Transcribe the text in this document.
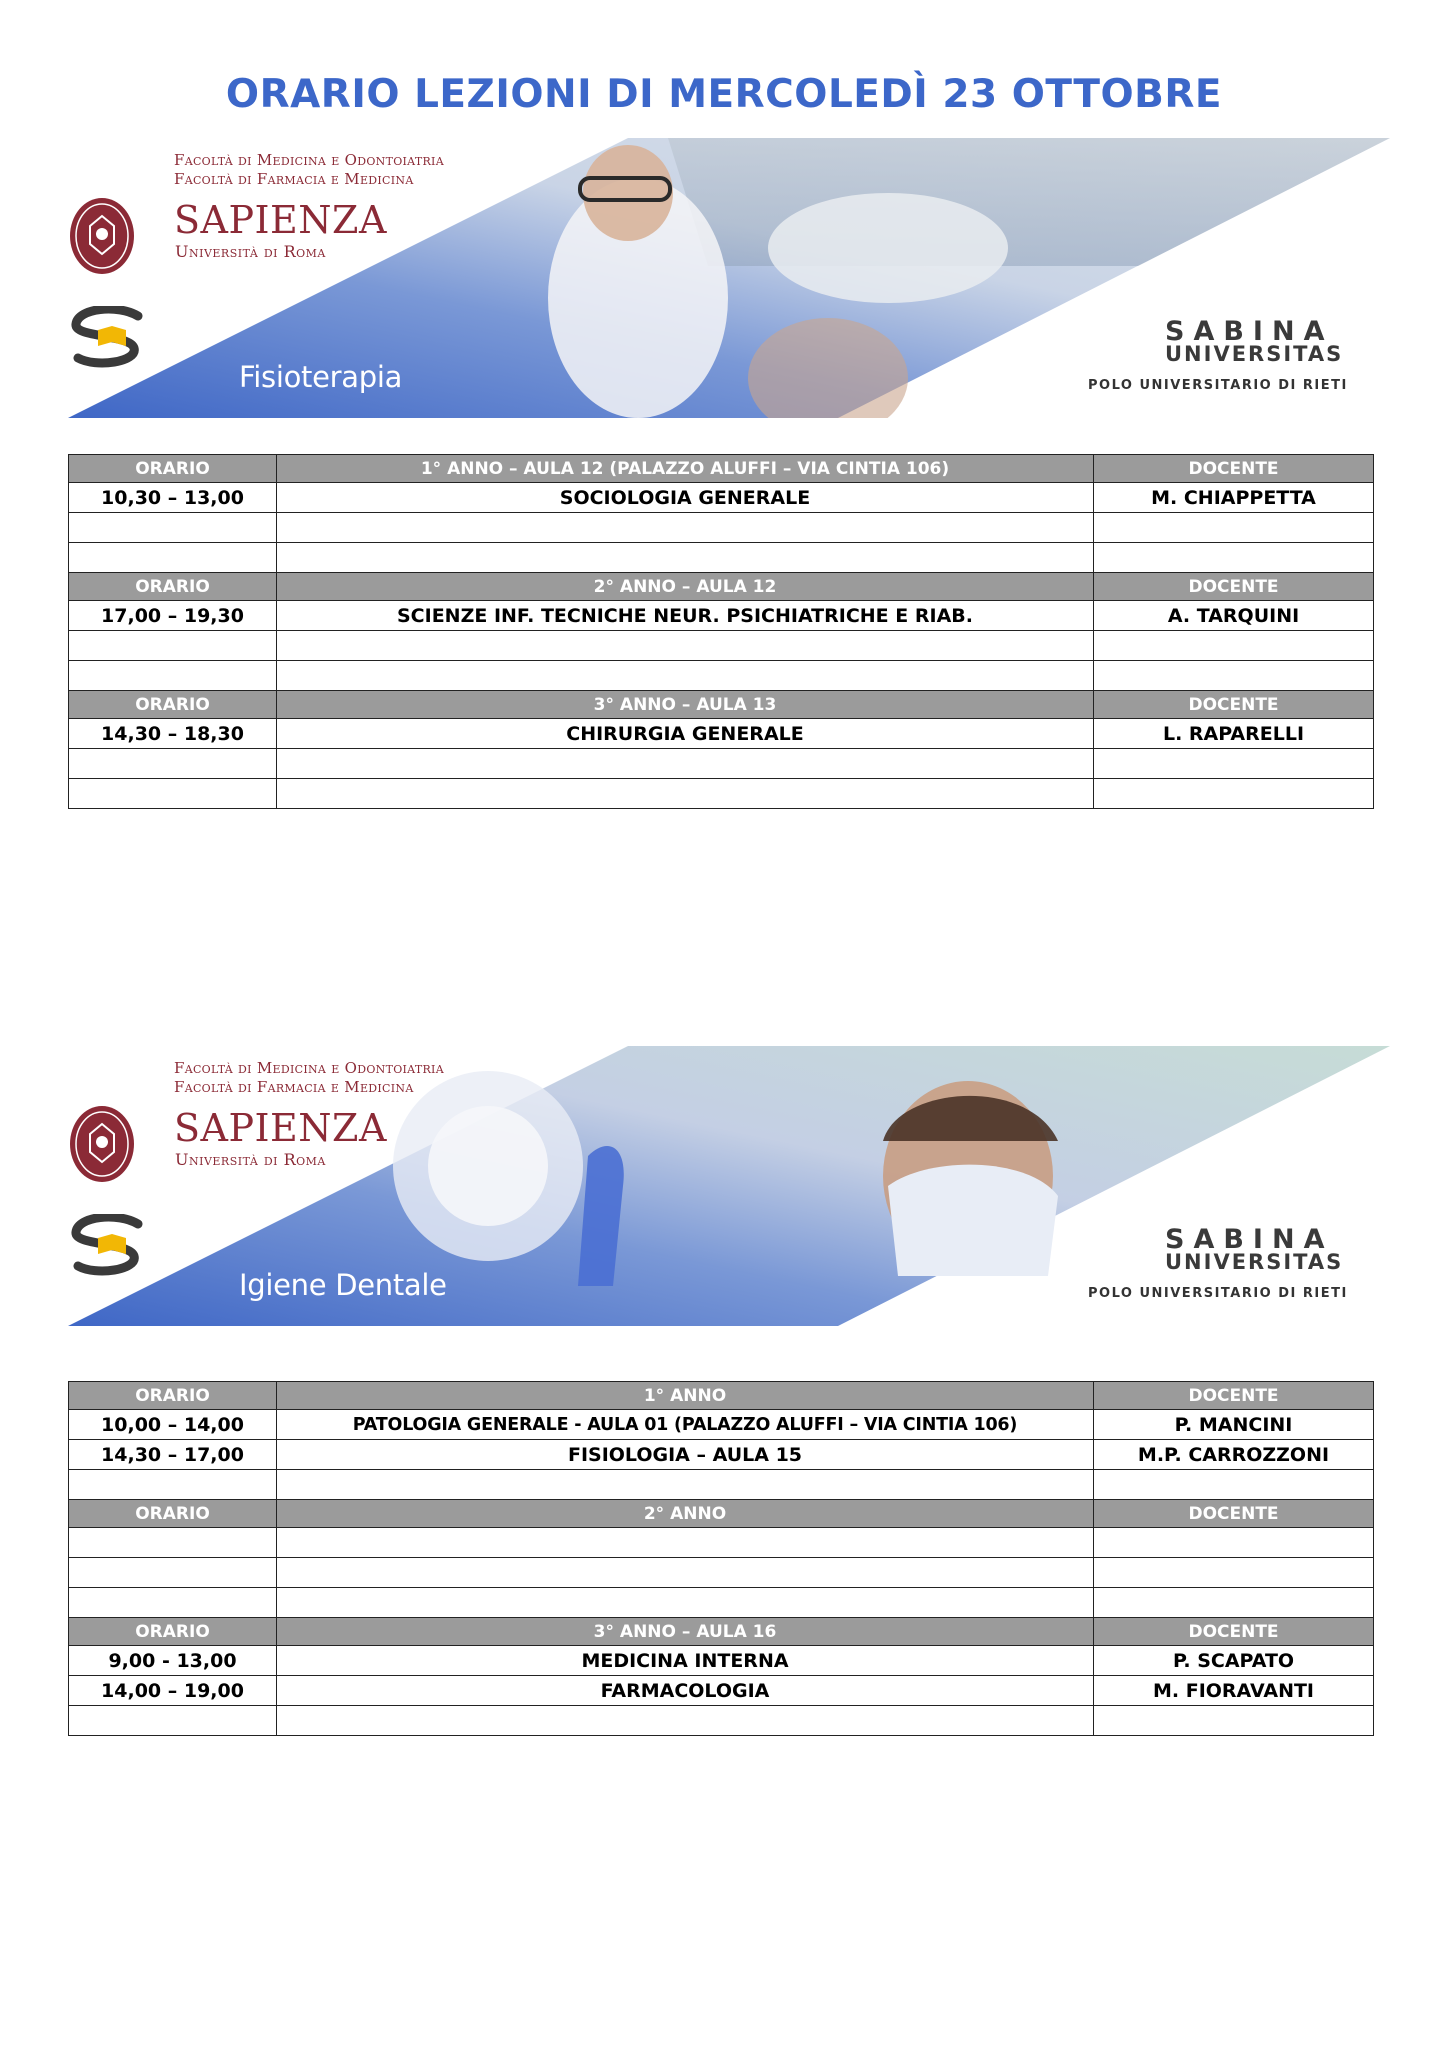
ORARIO LEZIONI DI MERCOLEDÌ 23 OTTOBRE
Facoltà di Medicina e Odontoiatria
Facoltà di Farmacia e Medicina
SAPIENZA
Università di Roma
Fisioterapia
SABINA
UNIVERSITAS
POLO UNIVERSITARIO DI RIETI
ORARIO	1° ANNO – AULA 12 (PALAZZO ALUFFI – VIA CINTIA 106)	DOCENTE
10,30 – 13,00	SOCIOLOGIA GENERALE	M. CHIAPPETTA

ORARIO	2° ANNO – AULA 12	DOCENTE
17,00 – 19,30	SCIENZE INF. TECNICHE NEUR. PSICHIATRICHE E RIAB.	A. TARQUINI

ORARIO	3° ANNO – AULA 13	DOCENTE
14,30 – 18,30	CHIRURGIA GENERALE	L. RAPARELLI

Facoltà di Medicina e Odontoiatria
Facoltà di Farmacia e Medicina
SAPIENZA
Università di Roma
Igiene Dentale
SABINA
UNIVERSITAS
POLO UNIVERSITARIO DI RIETI
ORARIO	1° ANNO	DOCENTE
10,00 – 14,00	PATOLOGIA GENERALE - AULA 01 (PALAZZO ALUFFI – VIA CINTIA 106)	P. MANCINI
14,30 – 17,00	FISIOLOGIA – AULA 15	M.P. CARROZZONI

ORARIO	2° ANNO	DOCENTE

ORARIO	3° ANNO – AULA 16	DOCENTE
9,00 - 13,00	MEDICINA INTERNA	P. SCAPATO
14,00 – 19,00	FARMACOLOGIA	M. FIORAVANTI
